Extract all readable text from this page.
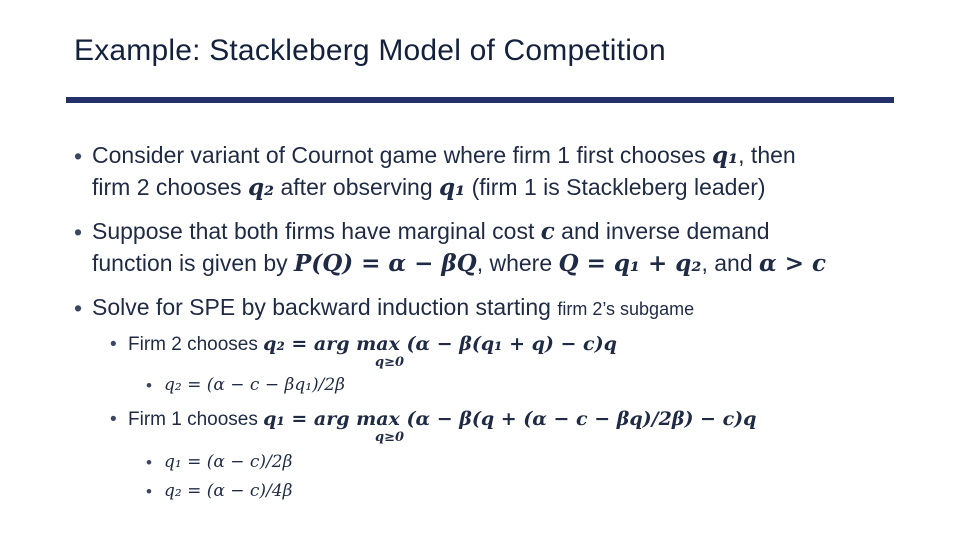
Example: Stackleberg Model of Competition
• Consider variant of Cournot game where firm 1 first chooses q₁, then
firm 2 chooses q₂ after observing q₁ (firm 1 is Stackleberg leader)
• Suppose that both firms have marginal cost c and inverse demand
function is given by P(Q) = α − βQ, where Q = q₁ + q₂, and α > c
• Solve for SPE by backward induction starting firm 2’s subgame
• Firm 2 chooses q₂ = arg max (α − β(q₁ + q) − c)q
q≥0
• q₂ = (α − c − βq₁)/2β
• Firm 1 chooses q₁ = arg max (α − β(q + (α − c − βq)/2β) − c)q
q≥0
• q₁ = (α − c)/2β
• q₂ = (α − c)/4β
